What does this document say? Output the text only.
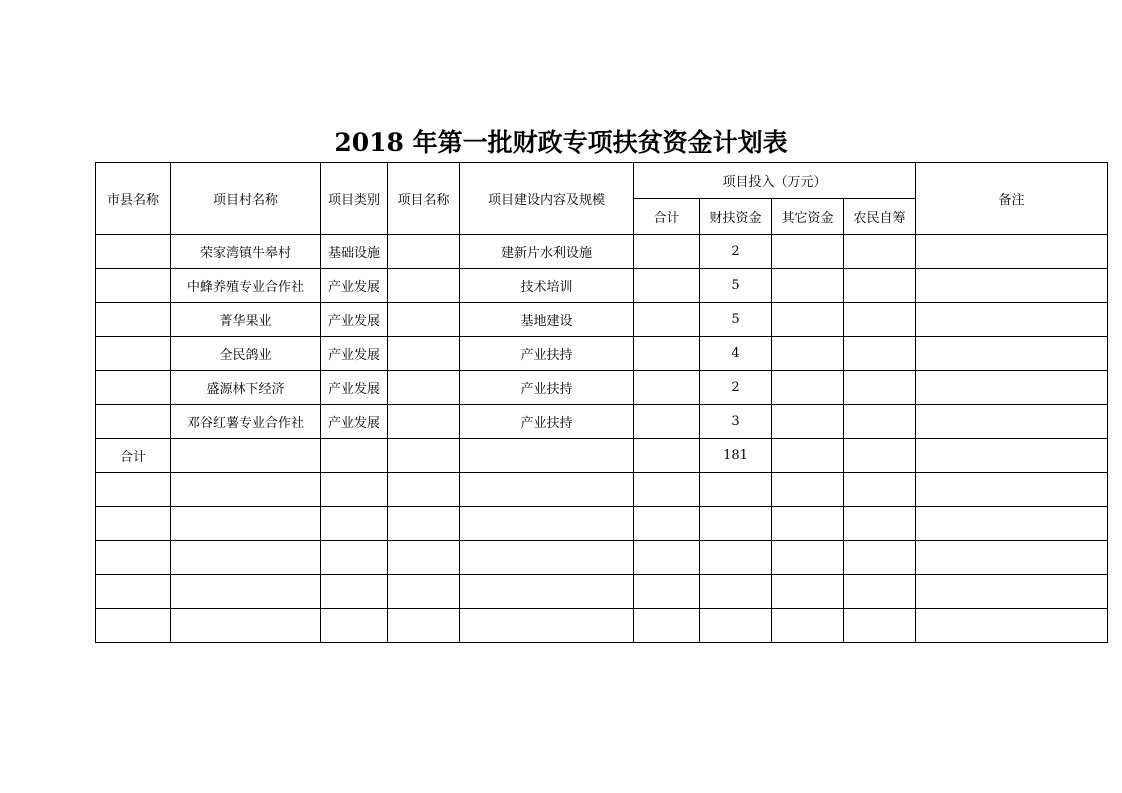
2018 年第一批财政专项扶贫资金计划表
市县名称	项目村名称	项目类别	项目名称	项目建设内容及规模	项目投入（万元）				备注
					合计	财扶资金	其它资金	农民自筹	
	荣家湾镇牛皋村	基础设施		建新片水利设施		2			
	中蜂养殖专业合作社	产业发展		技术培训		5			
	菁华果业	产业发展		基地建设		5			
	全民鸽业	产业发展		产业扶持		4			
	盛源林下经济	产业发展		产业扶持		2			
	邓谷红薯专业合作社	产业发展		产业扶持		3			
合计						181			
